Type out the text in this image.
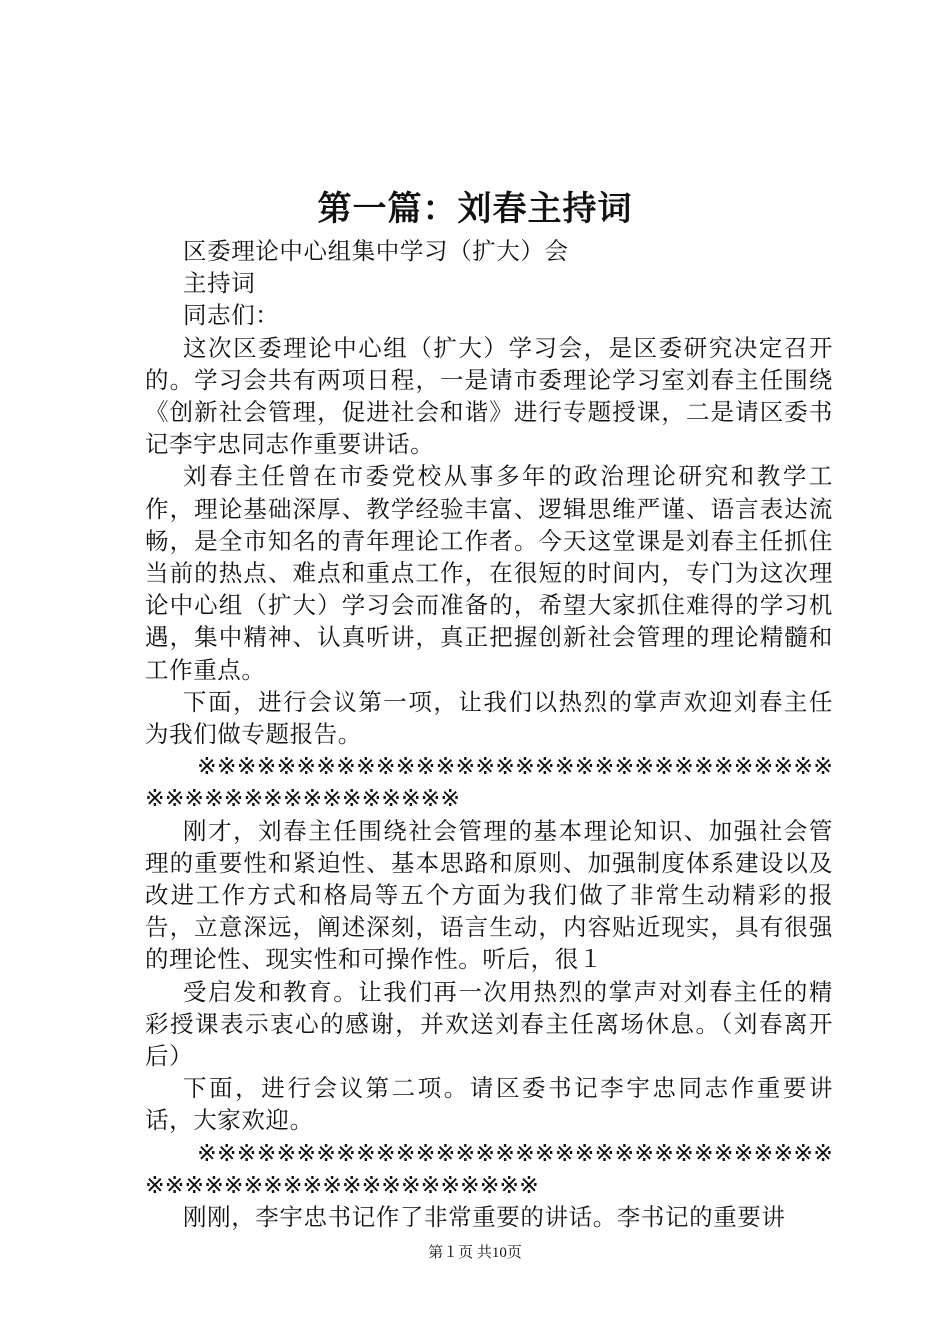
第一篇：刘春主持词

区委理论中心组集中学习（扩大）会

主持词

同志们：

这次区委理论中心组（扩大）学习会，是区委研究决定召开的。学习会共有两项日程，一是请市委理论学习室刘春主任围绕《创新社会管理，促进社会和谐》进行专题授课，二是请区委书记李宇忠同志作重要讲话。

刘春主任曾在市委党校从事多年的政治理论研究和教学工作，理论基础深厚、教学经验丰富、逻辑思维严谨、语言表达流畅，是全市知名的青年理论工作者。今天这堂课是刘春主任抓住当前的热点、难点和重点工作，在很短的时间内，专门为这次理论中心组（扩大）学习会而准备的，希望大家抓住难得的学习机遇，集中精神、认真听讲，真正把握创新社会管理的理论精髓和工作重点。

下面，进行会议第一项，让我们以热烈的掌声欢迎刘春主任为我们做专题报告。

※※※※※※※※※※※※※※※※※※※※※※※※※※※※※※※※※※※※※※※※※※※※※※※※

刚才，刘春主任围绕社会管理的基本理论知识、加强社会管理的重要性和紧迫性、基本思路和原则、加强制度体系建设以及改进工作方式和格局等五个方面为我们做了非常生动精彩的报告，立意深远，阐述深刻，语言生动，内容贴近现实，具有很强的理论性、现实性和可操作性。听后，很１

受启发和教育。让我们再一次用热烈的掌声对刘春主任的精彩授课表示衷心的感谢，并欢送刘春主任离场休息。（刘春离开后）

下面，进行会议第二项。请区委书记李宇忠同志作重要讲话，大家欢迎。

※※※※※※※※※※※※※※※※※※※※※※※※※※※※※※※※※※※※※※※※※※※※※※※※※※※※

刚刚，李宇忠书记作了非常重要的讲话。李书记的重要讲

第１页 共10页
